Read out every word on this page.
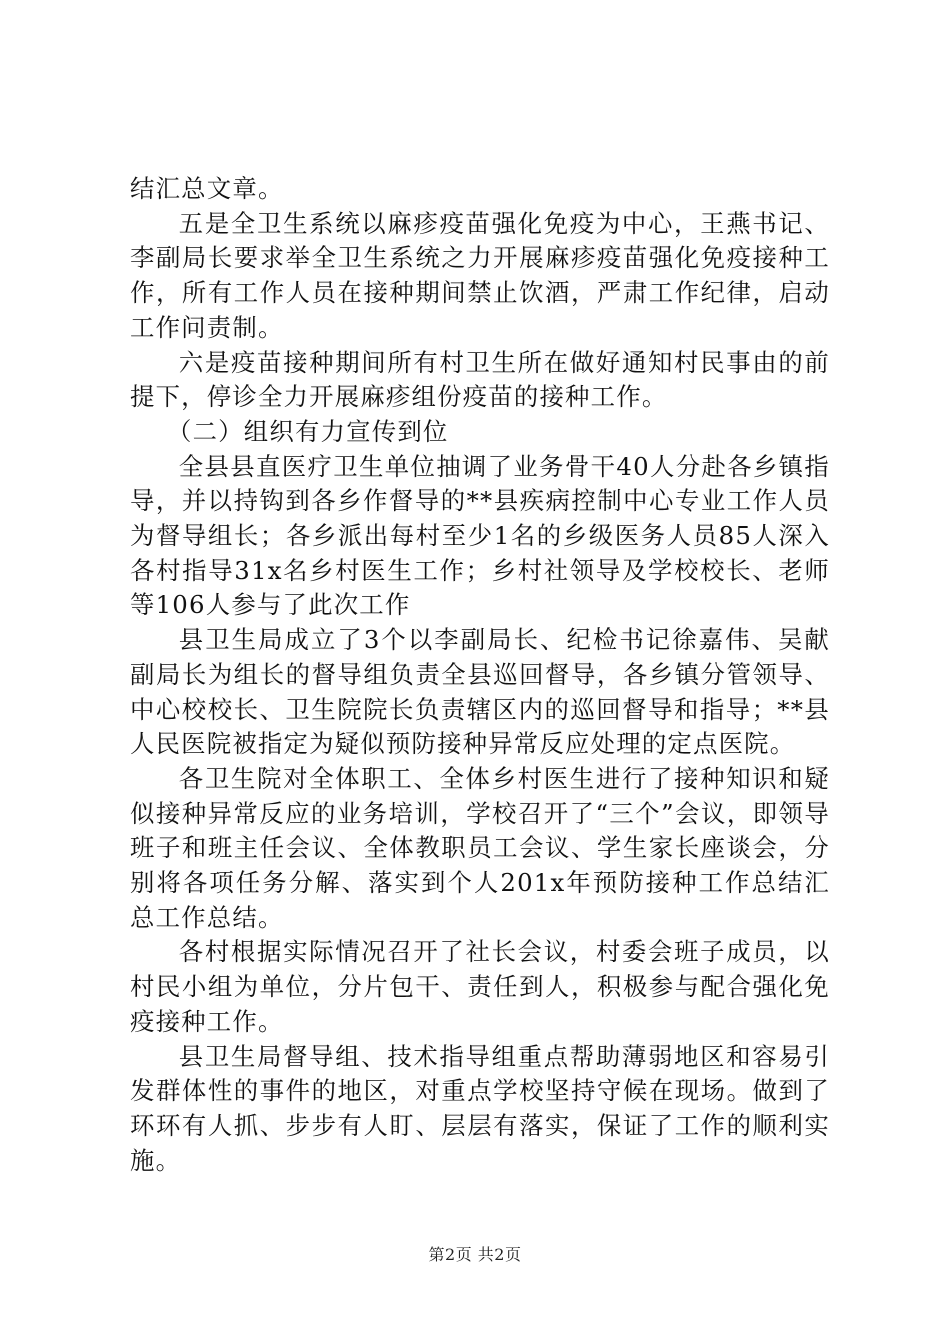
结汇总文章。

五是全卫生系统以麻疹疫苗强化免疫为中心，王燕书记、李副局长要求举全卫生系统之力开展麻疹疫苗强化免疫接种工作，所有工作人员在接种期间禁止饮酒，严肃工作纪律，启动工作问责制。

六是疫苗接种期间所有村卫生所在做好通知村民事由的前提下，停诊全力开展麻疹组份疫苗的接种工作。

（二）组织有力宣传到位

全县县直医疗卫生单位抽调了业务骨干40人分赴各乡镇指导，并以持钩到各乡作督导的**县疾病控制中心专业工作人员为督导组长；各乡派出每村至少1名的乡级医务人员85人深入各村指导31x名乡村医生工作；乡村社领导及学校校长、老师等106人参与了此次工作

县卫生局成立了3个以李副局长、纪检书记徐嘉伟、吴献副局长为组长的督导组负责全县巡回督导，各乡镇分管领导、中心校校长、卫生院院长负责辖区内的巡回督导和指导；**县人民医院被指定为疑似预防接种异常反应处理的定点医院。

各卫生院对全体职工、全体乡村医生进行了接种知识和疑似接种异常反应的业务培训，学校召开了“三个”会议，即领导班子和班主任会议、全体教职员工会议、学生家长座谈会，分别将各项任务分解、落实到个人201x年预防接种工作总结汇总工作总结。

各村根据实际情况召开了社长会议，村委会班子成员，以村民小组为单位，分片包干、责任到人，积极参与配合强化免疫接种工作。

县卫生局督导组、技术指导组重点帮助薄弱地区和容易引发群体性的事件的地区，对重点学校坚持守候在现场。做到了环环有人抓、步步有人盯、层层有落实，保证了工作的顺利实施。

第2页 共2页
